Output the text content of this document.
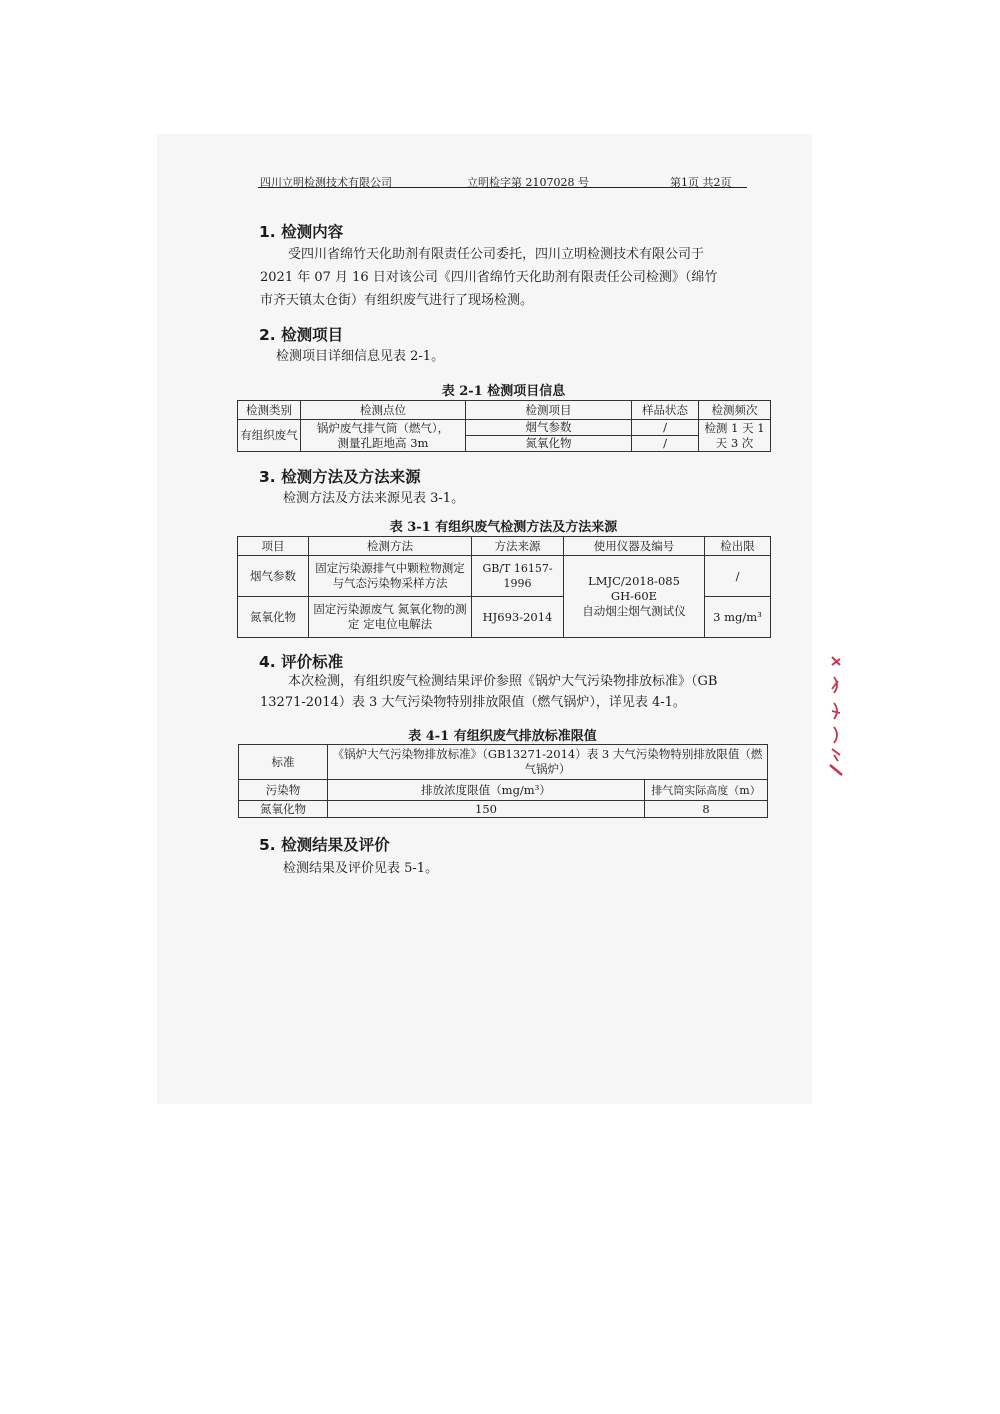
四川立明检测技术有限公司	立明检字第 2107028 号	第1页 共2页
1. 检测内容
受四川省绵竹天化助剂有限责任公司委托，四川立明检测技术有限公司于
2021 年 07 月 16 日对该公司《四川省绵竹天化助剂有限责任公司检测》（绵竹
市齐天镇太仓街）有组织废气进行了现场检测。
2. 检测项目
检测项目详细信息见表 2-1。
表 2-1 检测项目信息
检测类别	检测点位	检测项目	样品状态	检测频次
有组织废气	锅炉废气排气筒（燃气），
测量孔距地高 3m	烟气参数	/	检测 1 天 1 天 3 次
		氮氧化物	/	
3. 检测方法及方法来源
检测方法及方法来源见表 3-1。
表 3-1 有组织废气检测方法及方法来源
项目	检测方法	方法来源	使用仪器及编号	检出限
烟气参数	固定污染源排气中颗粒物测定与气态污染物采样方法	GB/T 16157-1996	LMJC/2018-085
GH-60E
自动烟尘烟气测试仪	/
氮氧化物	固定污染源废气 氮氧化物的测定 定电位电解法	HJ693-2014		3 mg/m³
4. 评价标准
本次检测，有组织废气检测结果评价参照《锅炉大气污染物排放标准》（GB
13271-2014）表 3 大气污染物特别排放限值（燃气锅炉），详见表 4-1。
表 4-1 有组织废气排放标准限值
标准	《锅炉大气污染物排放标准》（GB13271-2014）表 3 大气污染物特别排放限值（燃气锅炉）	
污染物	排放浓度限值（mg/m³）	排气筒实际高度（m）
氮氧化物	150	8
5. 检测结果及评价
检测结果及评价见表 5-1。
